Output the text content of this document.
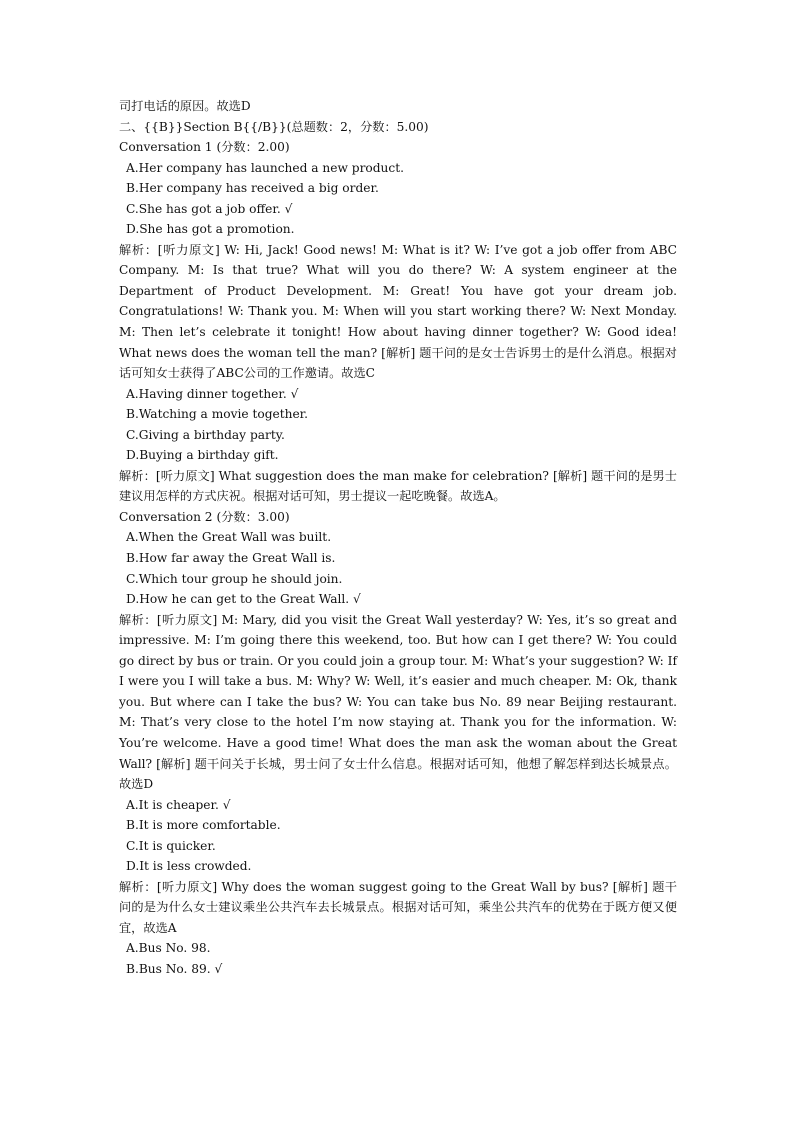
司打电话的原因。故选D
二、{{B}}Section B{{/B}}(总题数：2，分数：5.00)
Conversation 1 (分数：2.00)
A.Her company has launched a new product.
B.Her company has received a big order.
C.She has got a job offer. √
D.She has got a promotion.
解析：[听力原文] W: Hi, Jack! Good news! M: What is it? W: I’ve got a job offer from ABC Company. M: Is that true? What will you do there? W: A system engineer at the Department of Product Development. M: Great! You have got your dream job. Congratulations! W: Thank you. M: When will you start working there? W: Next Monday. M: Then let’s celebrate it tonight! How about having dinner together? W: Good idea! What news does the woman tell the man? [解析] 题干问的是女士告诉男士的是什么消息。根据对话可知女士获得了ABC公司的工作邀请。故选C
A.Having dinner together. √
B.Watching a movie together.
C.Giving a birthday party.
D.Buying a birthday gift.
解析：[听力原文] What suggestion does the man make for celebration? [解析] 题干问的是男士建议用怎样的方式庆祝。根据对话可知，男士提议一起吃晚餐。故选A。
Conversation 2 (分数：3.00)
A.When the Great Wall was built.
B.How far away the Great Wall is.
C.Which tour group he should join.
D.How he can get to the Great Wall. √
解析：[听力原文] M: Mary, did you visit the Great Wall yesterday? W: Yes, it’s so great and impressive. M: I’m going there this weekend, too. But how can I get there? W: You could go direct by bus or train. Or you could join a group tour. M: What’s your suggestion? W: If I were you I will take a bus. M: Why? W: Well, it’s easier and much cheaper. M: Ok, thank you. But where can I take the bus? W: You can take bus No. 89 near Beijing restaurant. M: That’s very close to the hotel I’m now staying at. Thank you for the information. W: You’re welcome. Have a good time! What does the man ask the woman about the Great Wall? [解析] 题干问关于长城，男士问了女士什么信息。根据对话可知，他想了解怎样到达长城景点。故选D
A.It is cheaper. √
B.It is more comfortable.
C.It is quicker.
D.It is less crowded.
解析：[听力原文] Why does the woman suggest going to the Great Wall by bus? [解析] 题干问的是为什么女士建议乘坐公共汽车去长城景点。根据对话可知，乘坐公共汽车的优势在于既方便又便宜，故选A
A.Bus No. 98.
B.Bus No. 89. √
